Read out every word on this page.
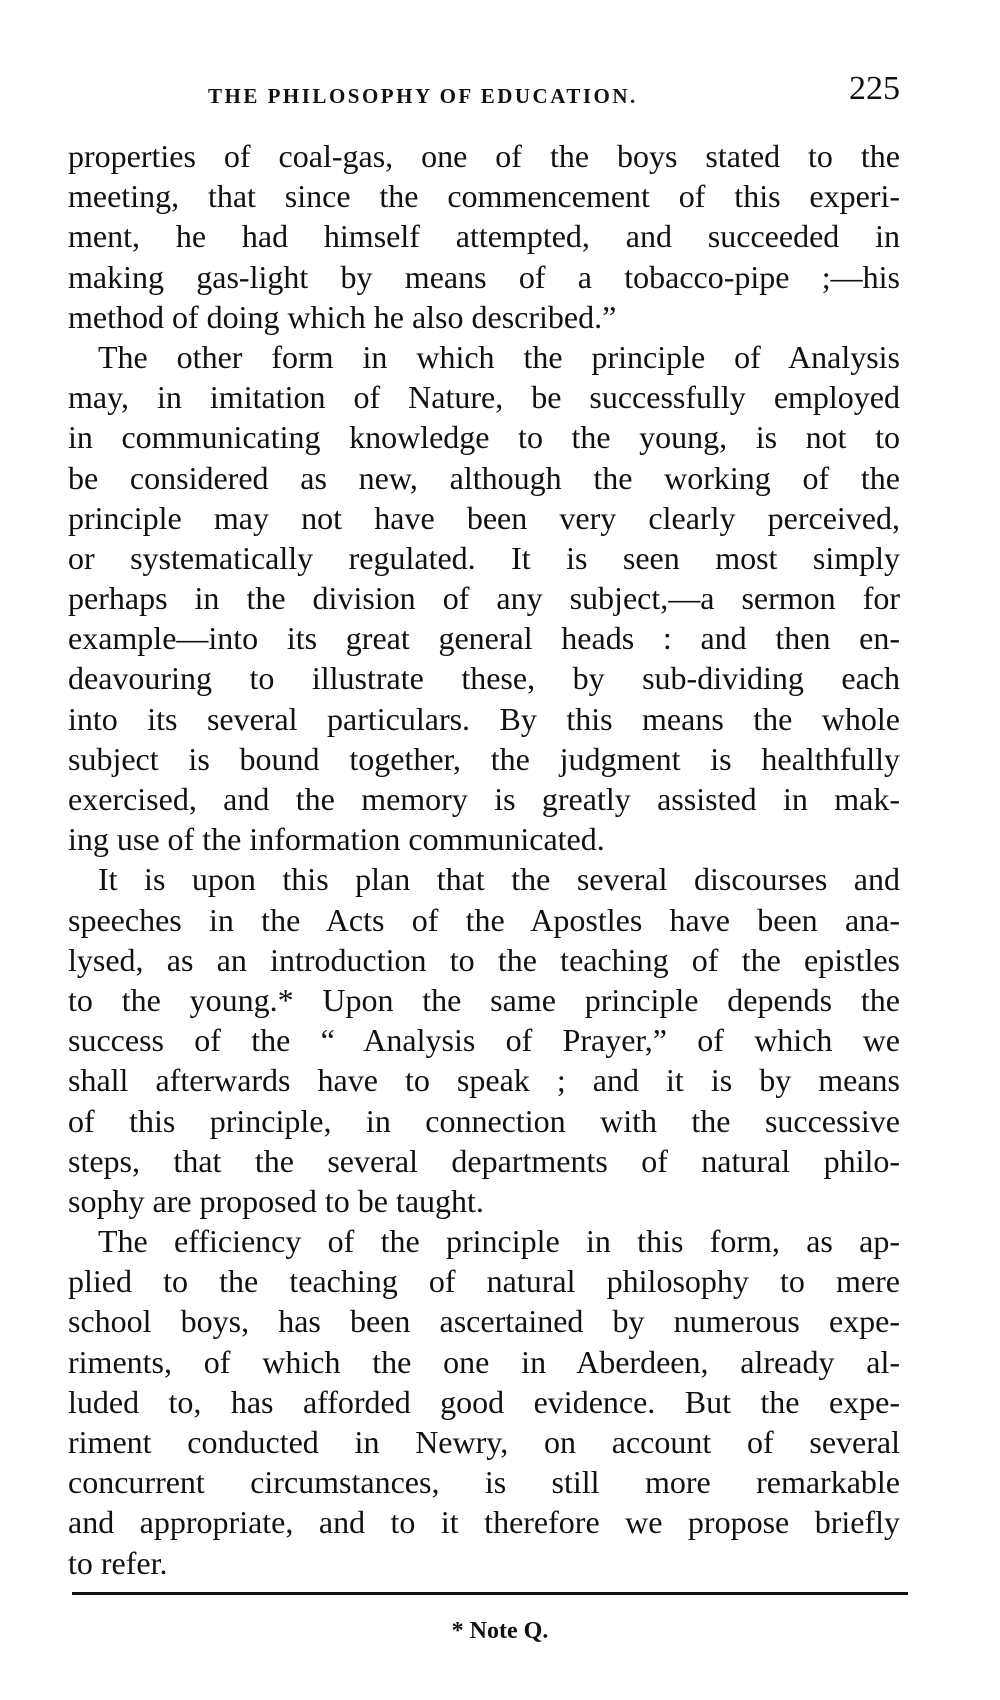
THE PHILOSOPHY OF EDUCATION.	225
properties of coal-gas, one of the boys stated to the
meeting, that since the commencement of this experi-
ment, he had himself attempted, and succeeded in
making gas-light by means of a tobacco-pipe ;—his
method of doing which he also described.”
The other form in which the principle of Analysis
may, in imitation of Nature, be successfully employed
in communicating knowledge to the young, is not to
be considered as new, although the working of the
principle may not have been very clearly perceived,
or systematically regulated. It is seen most simply
perhaps in the division of any subject,—a sermon for
example—into its great general heads : and then en-
deavouring to illustrate these, by sub-dividing each
into its several particulars. By this means the whole
subject is bound together, the judgment is healthfully
exercised, and the memory is greatly assisted in mak-
ing use of the information communicated.
It is upon this plan that the several discourses and
speeches in the Acts of the Apostles have been ana-
lysed, as an introduction to the teaching of the epistles
to the young.* Upon the same principle depends the
success of the “ Analysis of Prayer,” of which we
shall afterwards have to speak ; and it is by means
of this principle, in connection with the successive
steps, that the several departments of natural philo-
sophy are proposed to be taught.
The efficiency of the principle in this form, as ap-
plied to the teaching of natural philosophy to mere
school boys, has been ascertained by numerous expe-
riments, of which the one in Aberdeen, already al-
luded to, has afforded good evidence. But the expe-
riment conducted in Newry, on account of several
concurrent circumstances, is still more remarkable
and appropriate, and to it therefore we propose briefly
to refer.
* Note Q.
